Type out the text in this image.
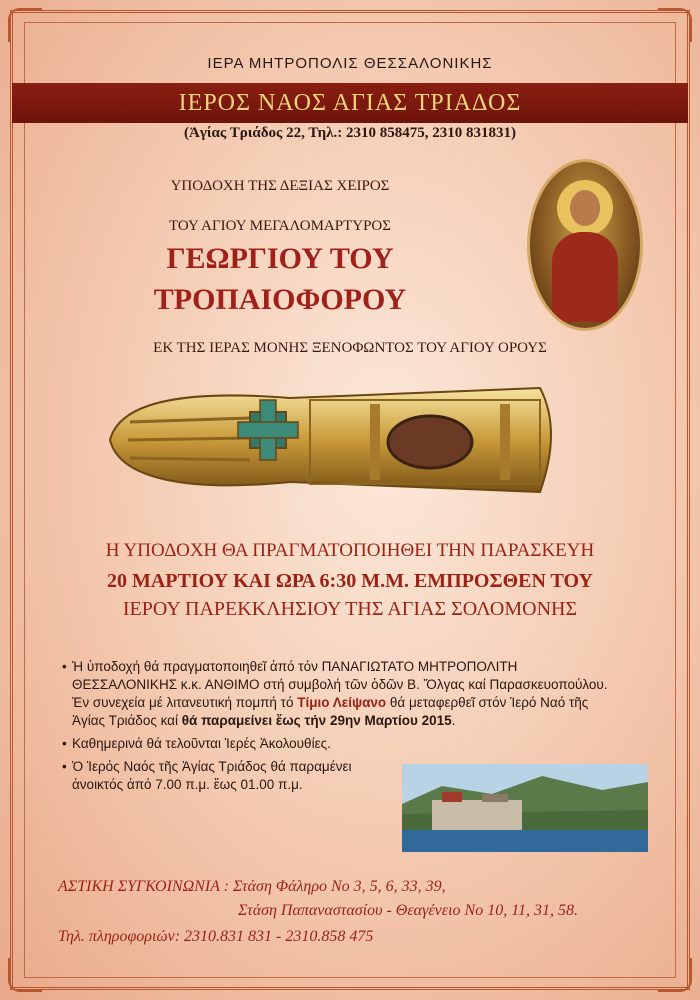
ΙΕΡΑ ΜΗΤΡΟΠΟΛΙΣ ΘΕΣΣΑΛΟΝΙΚΗΣ
ΙΕΡΟΣ ΝΑΟΣ ΑΓΙΑΣ ΤΡΙΑΔΟΣ
(Ἁγίας Τριάδος 22, Τηλ.: 2310 858475, 2310 831831)
ΥΠΟΔΟΧΗ ΤΗΣ ΔΕΞΙΑΣ ΧΕΙΡΟΣ
ΤΟΥ ΑΓΙΟΥ ΜΕΓΑΛΟΜΑΡΤΥΡΟΣ
ΓΕΩΡΓΙΟΥ ΤΟΥ
ΤΡΟΠΑΙΟΦΟΡΟΥ
ΕΚ ΤΗΣ ΙΕΡΑΣ ΜΟΝΗΣ ΞΕΝΟΦΩΝΤΟΣ ΤΟΥ ΑΓΙΟΥ ΟΡΟΥΣ
Η ΥΠΟΔΟΧΗ ΘΑ ΠΡΑΓΜΑΤΟΠΟΙΗΘΕΙ ΤΗΝ ΠΑΡΑΣΚΕΥΗ
20 ΜΑΡΤΙΟΥ ΚΑΙ ΩΡΑ 6:30 Μ.Μ. ΕΜΠΡΟΣΘΕΝ ΤΟΥ
ΙΕΡΟΥ ΠΑΡΕΚΚΛΗΣΙΟΥ ΤΗΣ ΑΓΙΑΣ ΣΟΛΟΜΟΝΗΣ
• Ἡ ὑποδοχή θά πραγματοποιηθεῖ ἀπό τόν ΠΑΝΑΓΙΩΤΑΤΟ ΜΗΤΡΟΠΟΛΙΤΗ ΘΕΣΣΑΛΟΝΙΚΗΣ κ.κ. ΑΝΘΙΜΟ στή συμβολή τῶν ὁδῶν Β. Ὄλγας καί Παρασκευοπούλου. Ἐν συνεχεία μέ λιτανευτική πομπή τό Τίμιο Λείψανο θά μεταφερθεῖ στόν Ἱερό Ναό τῆς Ἁγίας Τριάδος καί θά παραμείνει ἕως τήν 29ην Μαρτίου 2015.
• Καθημερινά θά τελοῦνται Ἱερές Ἀκολουθίες.
• Ὁ Ἱερός Ναός τῆς Ἁγίας Τριάδος θά παραμένει ἀνοικτός ἀπό 7.00 π.μ. ἕως 01.00 π.μ.
ΑΣΤΙΚΗ ΣΥΓΚΟΙΝΩΝΙΑ : Στάση Φάληρο Νο 3, 5, 6, 33, 39,
Στάση Παπαναστασίου - Θεαγένειο Νο 10, 11, 31, 58.
Τηλ. πληροφοριών: 2310.831 831 - 2310.858 475
